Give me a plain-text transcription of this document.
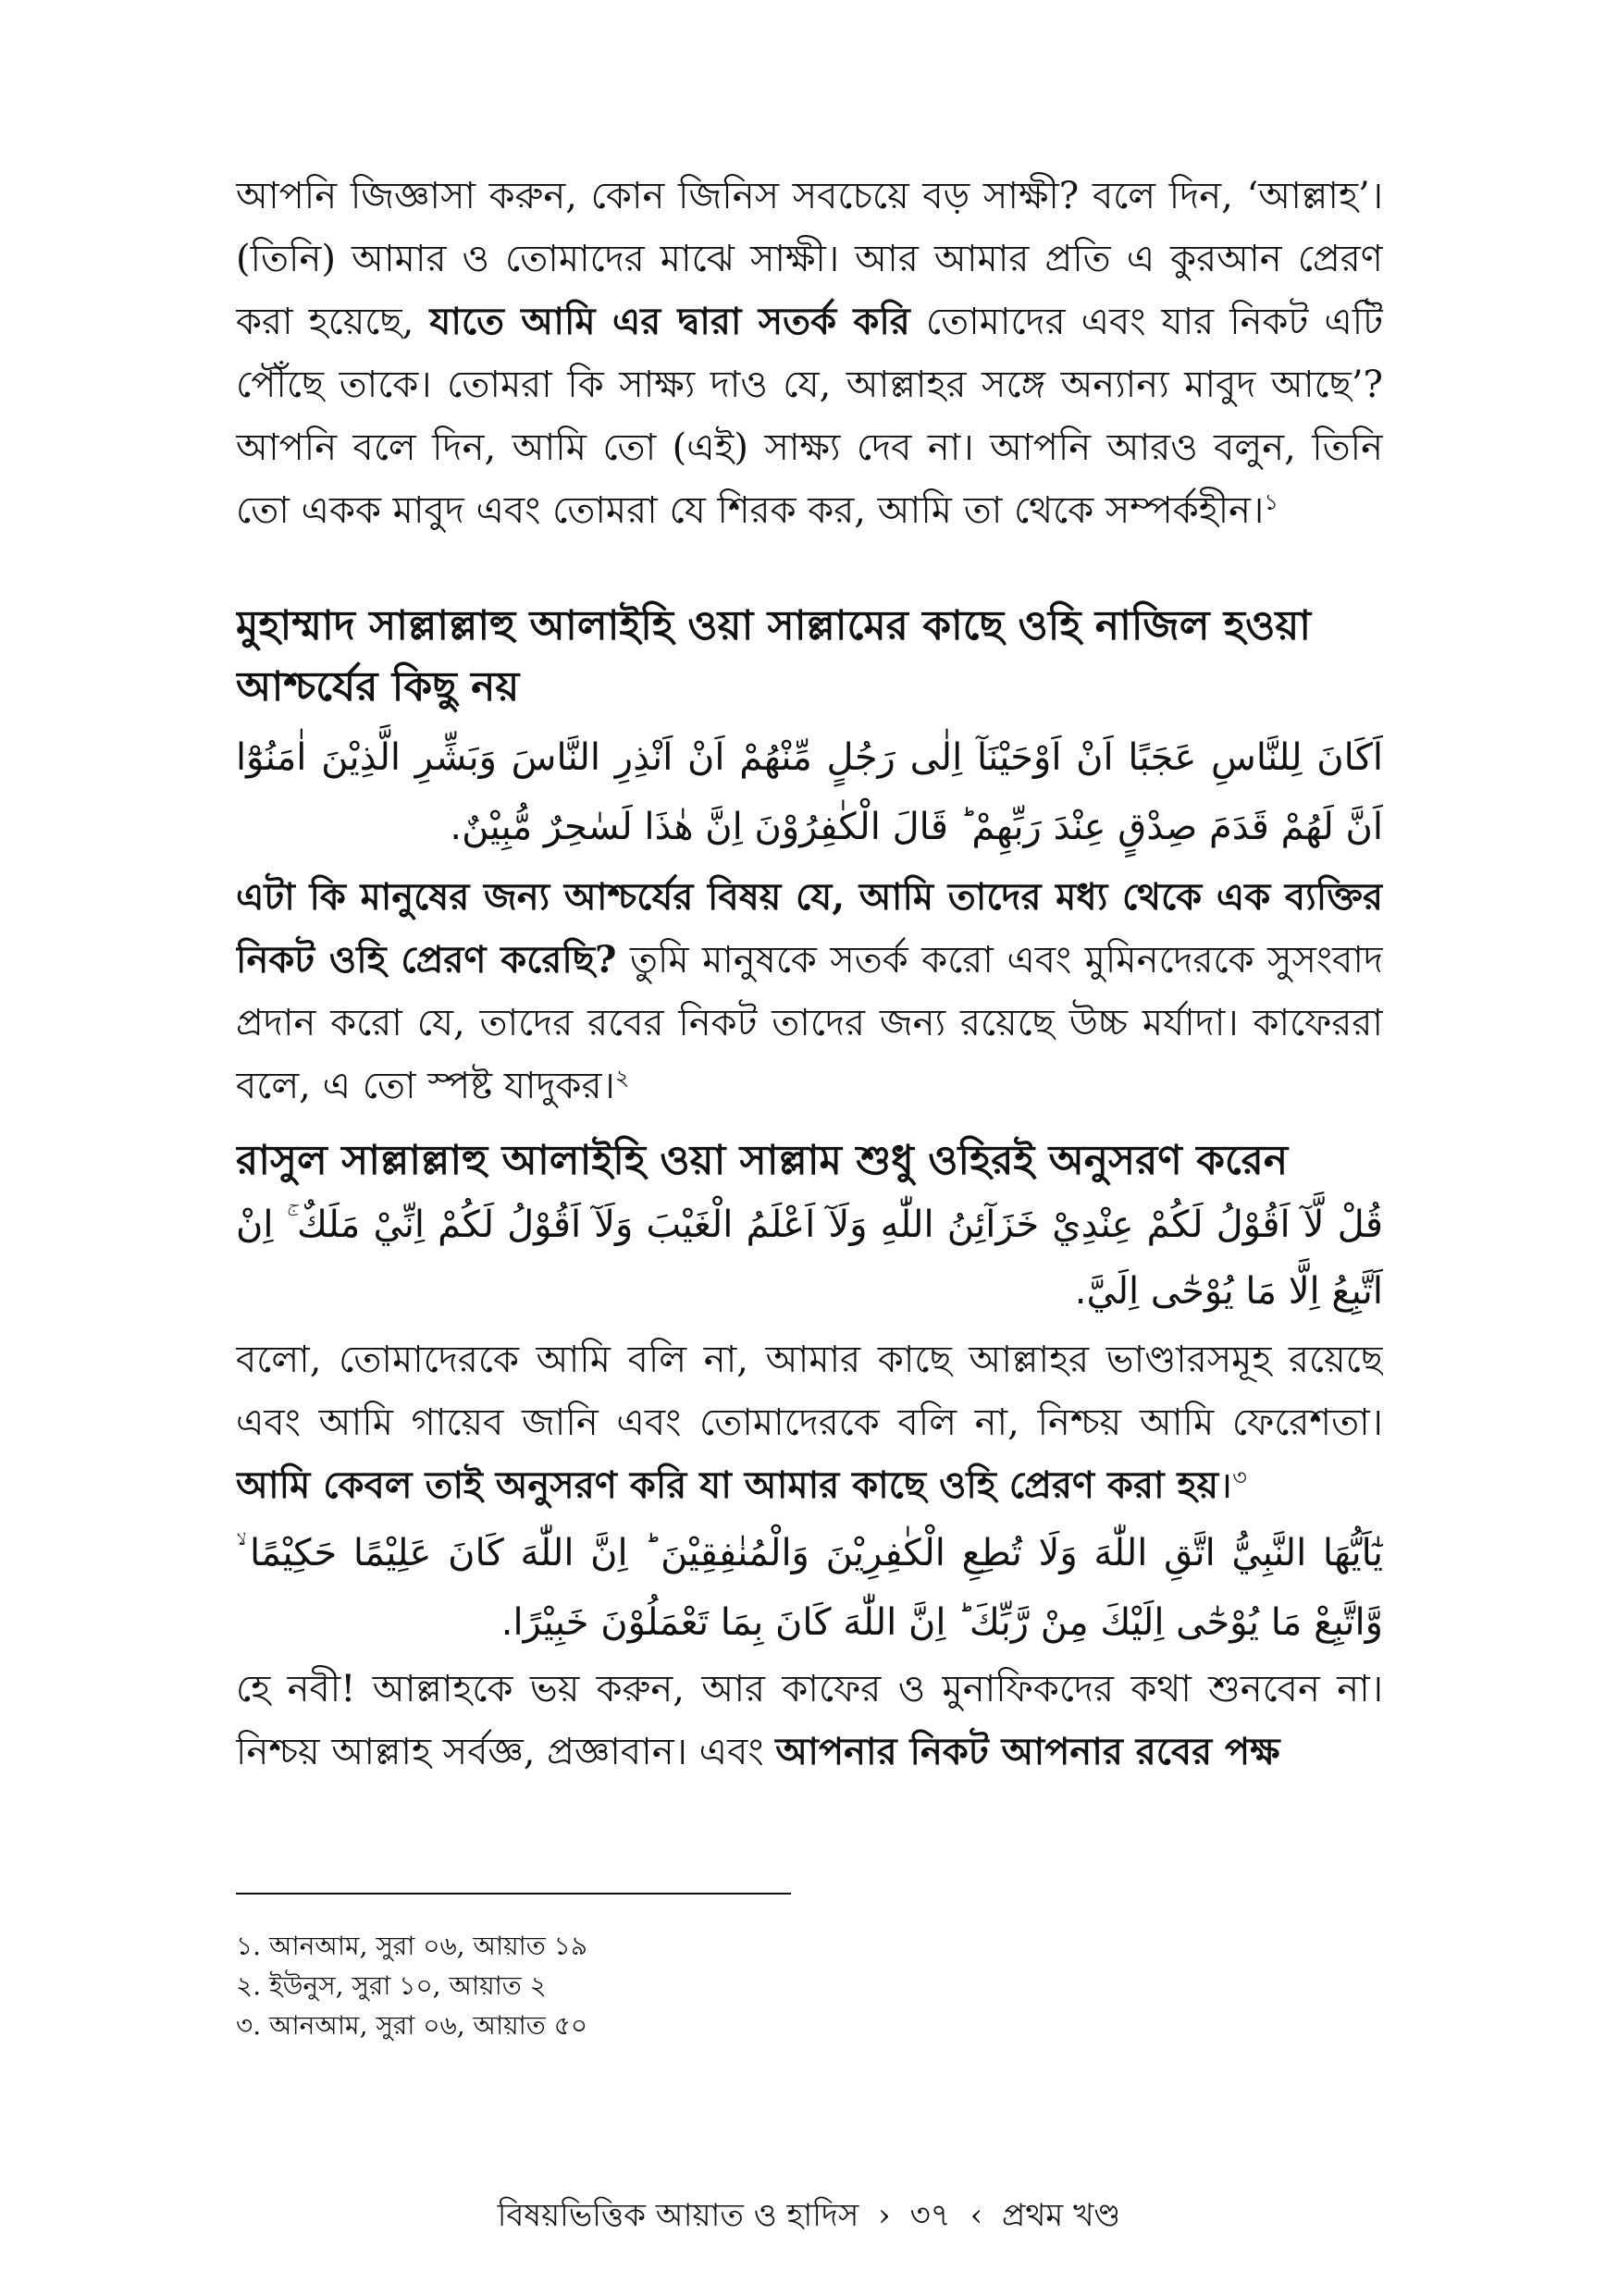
আপনি জিজ্ঞাসা করুন, কোন জিনিস সবচেয়ে বড় সাক্ষী? বলে দিন, ‘আল্লাহ’। (তিনি) আমার ও তোমাদের মাঝে সাক্ষী। আর আমার প্রতি এ কুরআন প্রেরণ করা হয়েছে, যাতে আমি এর দ্বারা সতর্ক করি তোমাদের এবং যার নিকট এটি পৌঁছে তাকে। তোমরা কি সাক্ষ্য দাও যে, আল্লাহর সঙ্গে অন্যান্য মাবুদ আছে’? আপনি বলে দিন, আমি তো (এই) সাক্ষ্য দেব না। আপনি আরও বলুন, তিনি তো একক মাবুদ এবং তোমরা যে শিরক কর, আমি তা থেকে সম্পর্কহীন।$^১$

মুহাম্মাদ সাল্লাল্লাহু আলাইহি ওয়া সাল্লামের কাছে ওহি নাজিল হওয়া আশ্চর্যের কিছু নয়

اَكَانَ لِلنَّاسِ عَجَبًا اَنْ اَوْحَيْنَآ اِلٰى رَجُلٍ مِّنْهُمْ اَنْ اَنْذِرِ النَّاسَ وَبَشِّرِ الَّذِيْنَ اٰمَنُوْٓا اَنَّ لَهُمْ قَدَمَ صِدْقٍ عِنْدَ رَبِّهِمْ ؕ قَالَ الْكٰفِرُوْنَ اِنَّ هٰذَا لَسٰحِرٌ مُّبِيْنٌ.

এটা কি মানুষের জন্য আশ্চর্যের বিষয় যে, আমি তাদের মধ্য থেকে এক ব্যক্তির নিকট ওহি প্রেরণ করেছি? তুমি মানুষকে সতর্ক করো এবং মুমিনদেরকে সুসংবাদ প্রদান করো যে, তাদের রবের নিকট তাদের জন্য রয়েছে উচ্চ মর্যাদা। কাফেররা বলে, এ তো স্পষ্ট যাদুকর।$^২$

রাসুল সাল্লাল্লাহু আলাইহি ওয়া সাল্লাম শুধু ওহিরই অনুসরণ করেন

قُلْ لَّآ اَقُوْلُ لَكُمْ عِنْدِيْ خَزَآئِنُ اللّٰهِ وَلَآ اَعْلَمُ الْغَيْبَ وَلَآ اَقُوْلُ لَكُمْ اِنِّيْ مَلَكٌ ۚ اِنْ اَتَّبِعُ اِلَّا مَا يُوْحٰٓى اِلَيَّ.

বলো, তোমাদেরকে আমি বলি না, আমার কাছে আল্লাহর ভাণ্ডারসমূহ রয়েছে এবং আমি গায়েব জানি এবং তোমাদেরকে বলি না, নিশ্চয় আমি ফেরেশতা। আমি কেবল তাই অনুসরণ করি যা আমার কাছে ওহি প্রেরণ করা হয়।$^৩$

يٰٓاَيُّهَا النَّبِيُّ اتَّقِ اللّٰهَ وَلَا تُطِعِ الْكٰفِرِيْنَ وَالْمُنٰفِقِيْنَ ؕ اِنَّ اللّٰهَ كَانَ عَلِيْمًا حَكِيْمًا ۙ وَّاتَّبِعْ مَا يُوْحٰٓى اِلَيْكَ مِنْ رَّبِّكَ ؕ اِنَّ اللّٰهَ كَانَ بِمَا تَعْمَلُوْنَ خَبِيْرًا.

হে নবী! আল্লাহকে ভয় করুন, আর কাফের ও মুনাফিকদের কথা শুনবেন না। নিশ্চয় আল্লাহ সর্বজ্ঞ, প্রজ্ঞাবান। এবং আপনার নিকট আপনার রবের পক্ষ

১. আনআম, সুরা ০৬, আয়াত ১৯

২. ইউনুস, সুরা ১০, আয়াত ২

৩. আনআম, সুরা ০৬, আয়াত ৫০

বিষয়ভিত্তিক আয়াত ও হাদিস › ৩৭ ‹ প্রথম খণ্ড
